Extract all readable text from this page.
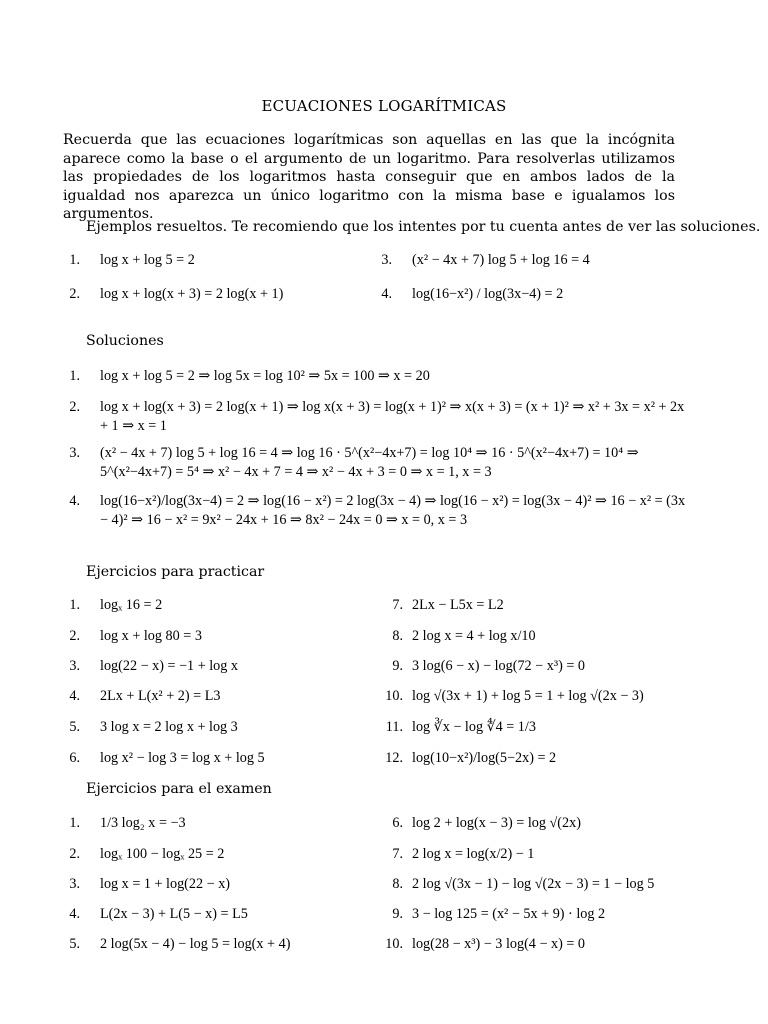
ECUACIONES LOGARÍTMICAS
Recuerda que las ecuaciones logarítmicas son aquellas en las que la incógnita aparece como la base o el argumento de un logaritmo. Para resolverlas utilizamos las propiedades de los logaritmos hasta conseguir que en ambos lados de la igualdad nos aparezca un único logaritmo con la misma base e igualamos los argumentos.
Ejemplos resueltos. Te recomiendo que los intentes por tu cuenta antes de ver las soluciones.
1. log x + log 5 = 2
2. log x + log(x + 3) = 2 log(x + 1)
3. (x² − 4x + 7) log 5 + log 16 = 4
4. log(16−x²) / log(3x−4) = 2
Soluciones
1. log x + log 5 = 2 ⇒ log 5x = log 10² ⇒ 5x = 100 ⇒ x = 20
2. log x + log(x + 3) = 2 log(x + 1) ⇒ log x(x + 3) = log(x + 1)² ⇒ x(x + 3) = (x + 1)² ⇒ x² + 3x = x² + 2x + 1 ⇒ x = 1
3. (x² − 4x + 7) log 5 + log 16 = 4 ⇒ log 16 · 5^(x²−4x+7) = log 10⁴ ⇒ 16 · 5^(x²−4x+7) = 10⁴ ⇒ 5^(x²−4x+7) = 5⁴ ⇒ x² − 4x + 7 = 4 ⇒ x² − 4x + 3 = 0 ⇒ x = 1, x = 3
4. log(16−x²)/log(3x−4) = 2 ⇒ log(16 − x²) = 2 log(3x − 4) ⇒ log(16 − x²) = log(3x − 4)² ⇒ 16 − x² = (3x − 4)² ⇒ 16 − x² = 9x² − 24x + 16 ⇒ 8x² − 24x = 0 ⇒ x = 0, x = 3
Ejercicios para practicar
1. logₓ 16 = 2
2. log x + log 80 = 3
3. log(22 − x) = −1 + log x
4. 2Lx + L(x² + 2) = L3
5. 3 log x = 2 log x + log 3
6. log x² − log 3 = log x + log 5
7. 2Lx − L5x = L2
8. 2 log x = 4 + log x/10
9. 3 log(6 − x) − log(72 − x³) = 0
10. log √(3x + 1) + log 5 = 1 + log √(2x − 3)
11. log ∛x − log ∜4 = 1/3
12. log(10−x²)/log(5−2x) = 2
Ejercicios para el examen
1. 1/3 log₂ x = −3
2. logₓ 100 − logₓ 25 = 2
3. log x = 1 + log(22 − x)
4. L(2x − 3) + L(5 − x) = L5
5. 2 log(5x − 4) − log 5 = log(x + 4)
6. log 2 + log(x − 3) = log √(2x)
7. 2 log x = log(x/2) − 1
8. 2 log √(3x − 1) − log √(2x − 3) = 1 − log 5
9. 3 − log 125 = (x² − 5x + 9) · log 2
10. log(28 − x³) − 3 log(4 − x) = 0
